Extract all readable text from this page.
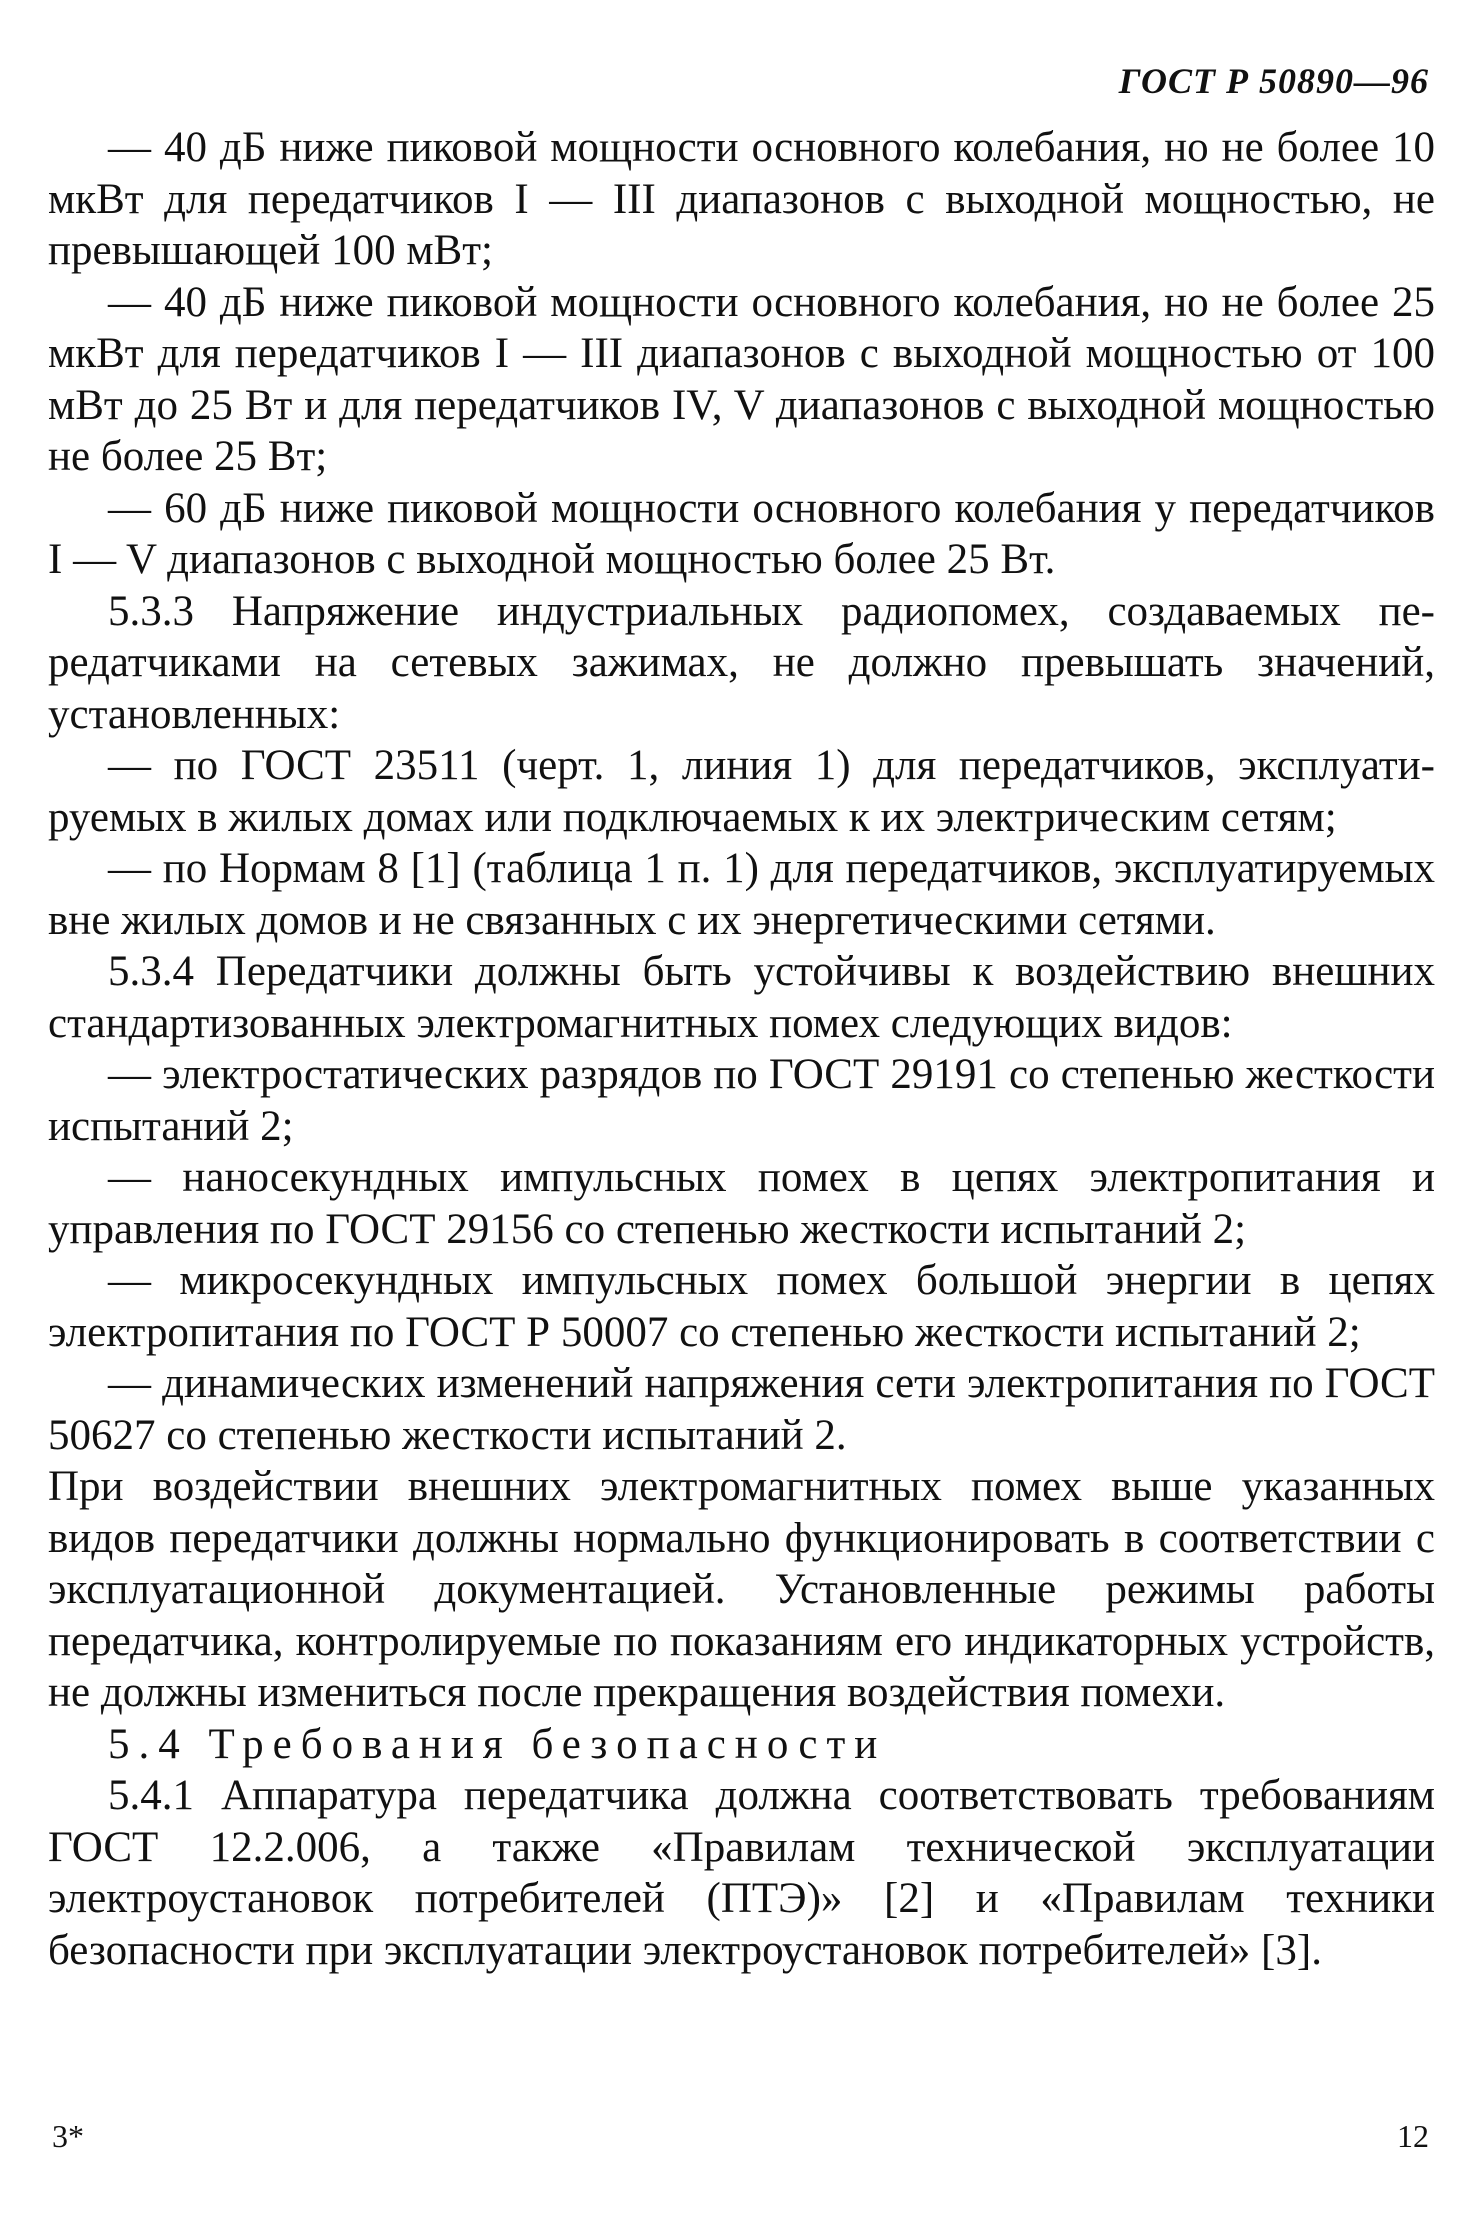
ГОСТ Р 50890—96

— 40 дБ ниже пиковой мощности основного колебания, но не более 10 мкВт для передатчиков I — III диапазонов с выходной мощностью, не превышающей 100 мВт;

— 40 дБ ниже пиковой мощности основного колебания, но не более 25 мкВт для передатчиков I — III диапазонов с выходной мощностью от 100 мВт до 25 Вт и для передатчиков IV, V диапазонов с выходной мощностью не более 25 Вт;

— 60 дБ ниже пиковой мощности основного колебания у передатчиков I — V диапазонов с выходной мощностью более 25 Вт.

5.3.3 Напряжение индустриальных радиопомех, создаваемых передатчиками на сетевых зажимах, не должно превышать значений, установленных:

— по ГОСТ 23511 (черт. 1, линия 1) для передатчиков, эксплуатируемых в жилых домах или подключаемых к их электрическим сетям;

— по Нормам 8 [1] (таблица 1 п. 1) для передатчиков, эксплуатируемых вне жилых домов и не связанных с их энергетическими сетями.

5.3.4 Передатчики должны быть устойчивы к воздействию внешних стандартизованных электромагнитных помех следующих видов:

— электростатических разрядов по ГОСТ 29191 со степенью жесткости испытаний 2;

— наносекундных импульсных помех в цепях электропитания и управления по ГОСТ 29156 со степенью жесткости испытаний 2;

— микросекундных импульсных помех большой энергии в цепях электропитания по ГОСТ Р 50007 со степенью жесткости испытаний 2;

— динамических изменений напряжения сети электропитания по ГОСТ 50627 со степенью жесткости испытаний 2.

При воздействии внешних электромагнитных помех выше указанных видов передатчики должны нормально функционировать в соответствии с эксплуатационной документацией. Установленные режимы работы передатчика, контролируемые по показаниям его индикаторных устройств, не должны измениться после прекращения воздействия помехи.

5.4 Требования безопасности

5.4.1 Аппаратура передатчика должна соответствовать требованиям ГОСТ 12.2.006, а также «Правилам технической эксплуатации электроустановок потребителей (ПТЭ)» [2] и «Правилам техники безопасности при эксплуатации электроустановок потребителей» [3].

3*	12
